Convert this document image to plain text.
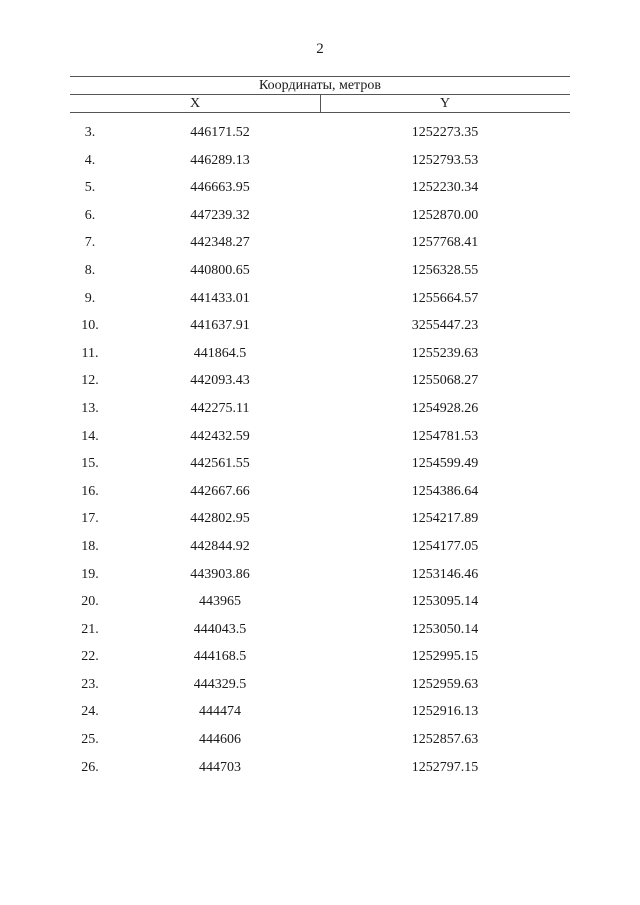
2
Координаты, метров
X	Y
3.	446171.52	1252273.35
4.	446289.13	1252793.53
5.	446663.95	1252230.34
6.	447239.32	1252870.00
7.	442348.27	1257768.41
8.	440800.65	1256328.55
9.	441433.01	1255664.57
10.	441637.91	3255447.23
11.	441864.5	1255239.63
12.	442093.43	1255068.27
13.	442275.11	1254928.26
14.	442432.59	1254781.53
15.	442561.55	1254599.49
16.	442667.66	1254386.64
17.	442802.95	1254217.89
18.	442844.92	1254177.05
19.	443903.86	1253146.46
20.	443965	1253095.14
21.	444043.5	1253050.14
22.	444168.5	1252995.15
23.	444329.5	1252959.63
24.	444474	1252916.13
25.	444606	1252857.63
26.	444703	1252797.15
